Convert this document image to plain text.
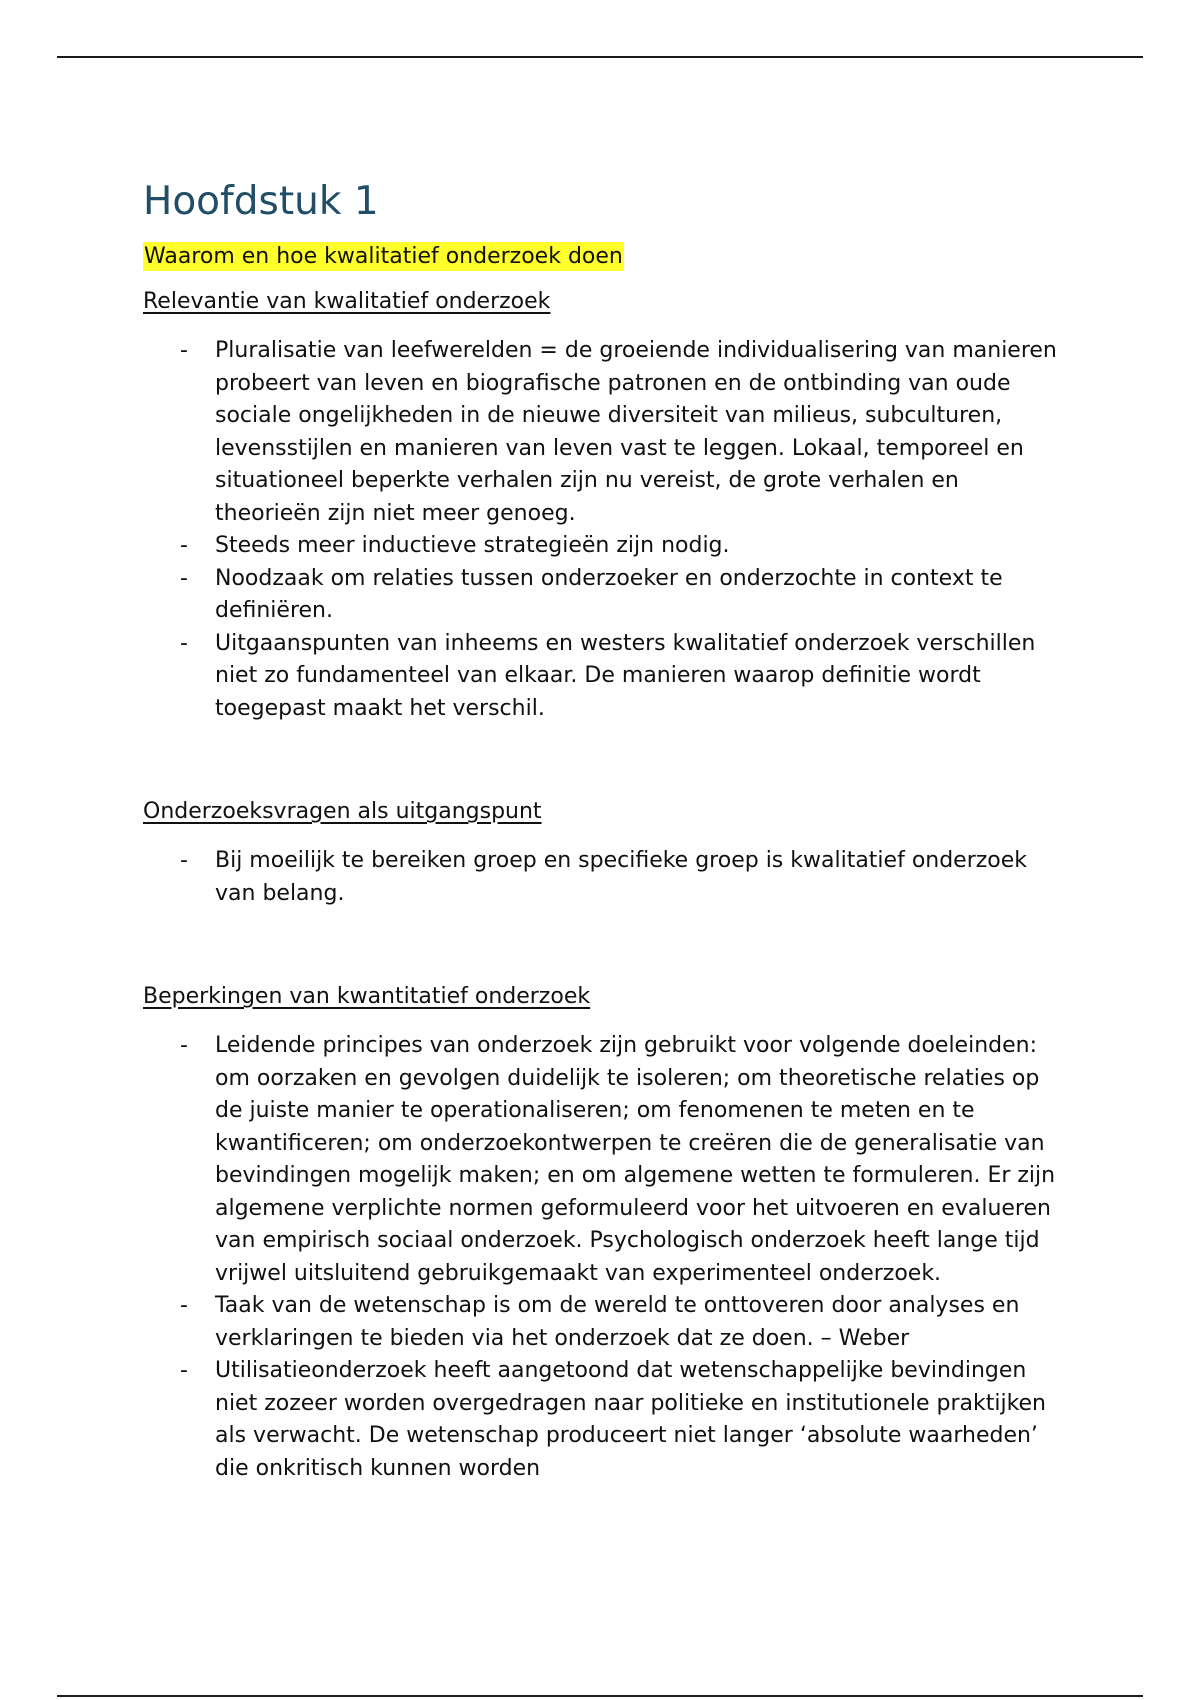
Hoofdstuk 1
Waarom en hoe kwalitatief onderzoek doen
Relevantie van kwalitatief onderzoek
- Pluralisatie van leefwerelden = de groeiende individualisering van manieren probeert van leven en biografische patronen en de ontbinding van oude sociale ongelijkheden in de nieuwe diversiteit van milieus, subculturen, levensstijlen en manieren van leven vast te leggen. Lokaal, temporeel en situationeel beperkte verhalen zijn nu vereist, de grote verhalen en theorieën zijn niet meer genoeg.
- Steeds meer inductieve strategieën zijn nodig.
- Noodzaak om relaties tussen onderzoeker en onderzochte in context te definiëren.
- Uitgaanspunten van inheems en westers kwalitatief onderzoek verschillen niet zo fundamenteel van elkaar. De manieren waarop definitie wordt toegepast maakt het verschil.
Onderzoeksvragen als uitgangspunt
- Bij moeilijk te bereiken groep en specifieke groep is kwalitatief onderzoek van belang.
Beperkingen van kwantitatief onderzoek
- Leidende principes van onderzoek zijn gebruikt voor volgende doeleinden: om oorzaken en gevolgen duidelijk te isoleren; om theoretische relaties op de juiste manier te operationaliseren; om fenomenen te meten en te kwantificeren; om onderzoekontwerpen te creëren die de generalisatie van bevindingen mogelijk maken; en om algemene wetten te formuleren. Er zijn algemene verplichte normen geformuleerd voor het uitvoeren en evalueren van empirisch sociaal onderzoek. Psychologisch onderzoek heeft lange tijd vrijwel uitsluitend gebruikgemaakt van experimenteel onderzoek.
- Taak van de wetenschap is om de wereld te onttoveren door analyses en verklaringen te bieden via het onderzoek dat ze doen. – Weber
- Utilisatieonderzoek heeft aangetoond dat wetenschappelijke bevindingen niet zozeer worden overgedragen naar politieke en institutionele praktijken als verwacht. De wetenschap produceert niet langer ‘absolute waarheden’ die onkritisch kunnen worden
